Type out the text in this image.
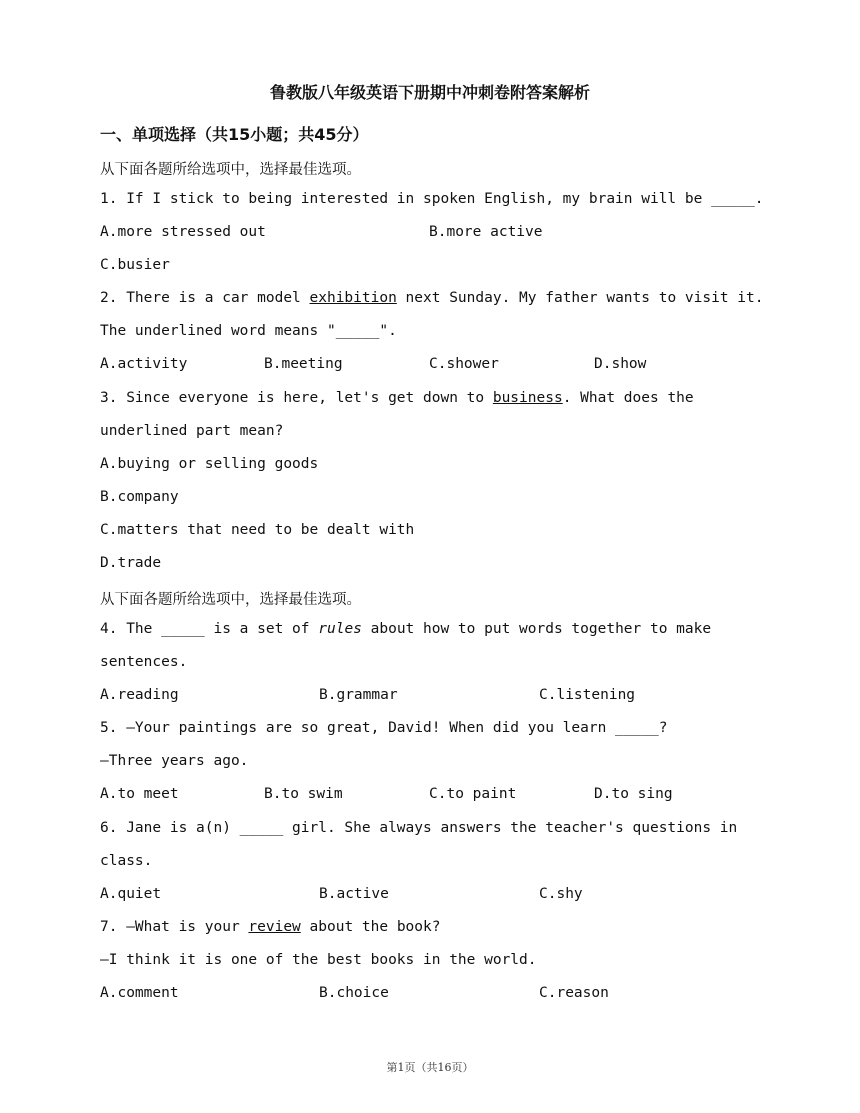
鲁教版八年级英语下册期中冲刺卷附答案解析
一、单项选择（共15小题；共45分）
从下面各题所给选项中，选择最佳选项。
1. If I stick to being interested in spoken English, my brain will be _____.
A.more stressed out	B.more active
C.busier
2. There is a car model exhibition next Sunday. My father wants to visit it.
The underlined word means "_____".
A.activity	B.meeting	C.shower	D.show
3. Since everyone is here, let's get down to business. What does the
underlined part mean?
A.buying or selling goods
B.company
C.matters that need to be dealt with
D.trade
从下面各题所给选项中，选择最佳选项。
4. The _____ is a set of rules about how to put words together to make
sentences.
A.reading	B.grammar	C.listening
5. —Your paintings are so great, David! When did you learn _____?
—Three years ago.
A.to meet	B.to swim	C.to paint	D.to sing
6. Jane is a(n) _____ girl. She always answers the teacher's questions in
class.
A.quiet	B.active	C.shy
7. —What is your review about the book?
—I think it is one of the best books in the world.
A.comment	B.choice	C.reason
第1页（共16页）
